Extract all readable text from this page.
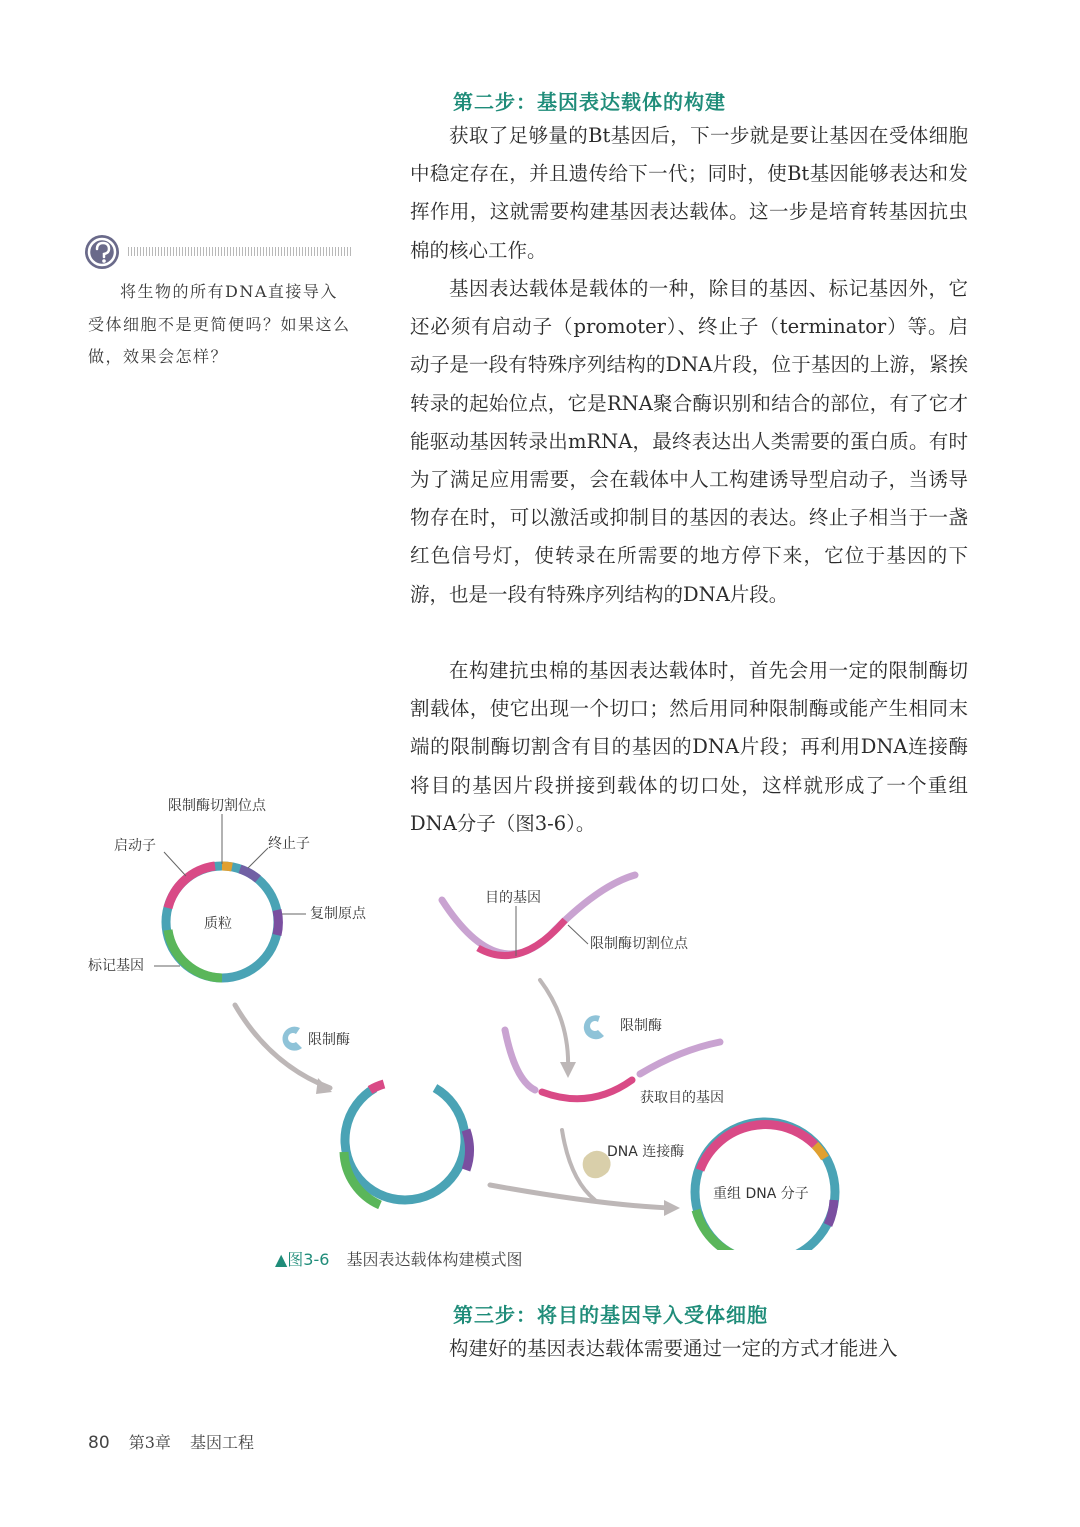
第二步：基因表达载体的构建

获取了足够量的Bt基因后，下一步就是要让基因在受体细胞中稳定存在，并且遗传给下一代；同时，使Bt基因能够表达和发挥作用，这就需要构建基因表达载体。这一步是培育转基因抗虫棉的核心工作。

基因表达载体是载体的一种，除目的基因、标记基因外，它还必须有启动子（promoter）、终止子（terminator）等。启动子是一段有特殊序列结构的DNA片段，位于基因的上游，紧挨转录的起始位点，它是RNA聚合酶识别和结合的部位，有了它才能驱动基因转录出mRNA，最终表达出人类需要的蛋白质。有时为了满足应用需要，会在载体中人工构建诱导型启动子，当诱导物存在时，可以激活或抑制目的基因的表达。终止子相当于一盏红色信号灯，使转录在所需要的地方停下来，它位于基因的下游，也是一段有特殊序列结构的DNA片段。

在构建抗虫棉的基因表达载体时，首先会用一定的限制酶切割载体，使它出现一个切口；然后用同种限制酶或能产生相同末端的限制酶切割含有目的基因的DNA片段；再利用DNA连接酶将目的基因片段拼接到载体的切口处，这样就形成了一个重组DNA分子（图3-6）。

将生物的所有DNA直接导入受体细胞不是更简便吗？如果这么做，效果会怎样？

限制酶切割位点
启动子	终止子
质粒
复制原点
标记基因
限制酶
目的基因
限制酶切割位点
限制酶
获取目的基因
DNA 连接酶
重组 DNA 分子
▲图3-6 基因表达载体构建模式图
第三步：将目的基因导入受体细胞

构建好的基因表达载体需要通过一定的方式才能进入

80 第3章 基因工程
